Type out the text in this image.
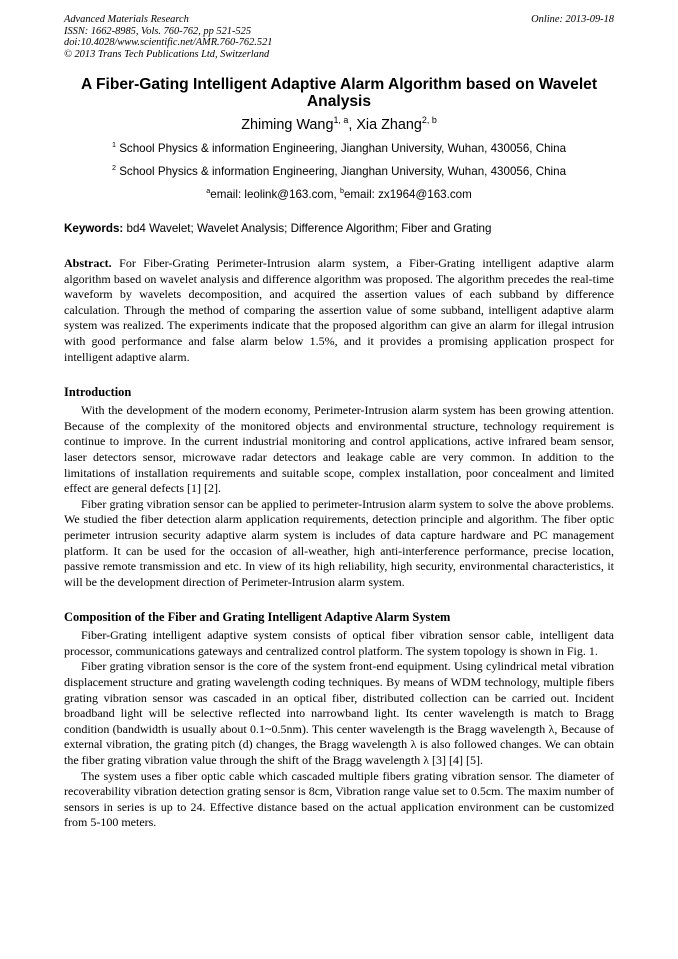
Advanced Materials Research
ISSN: 1662-8985, Vols. 760-762, pp 521-525
doi:10.4028/www.scientific.net/AMR.760-762.521
© 2013 Trans Tech Publications Ltd, Switzerland
Online: 2013-09-18
A Fiber-Gating Intelligent Adaptive Alarm Algorithm based on Wavelet Analysis
Zhiming Wang$^{1, a}$, Xia Zhang$^{2, b}$
$^1$ School Physics & information Engineering, Jianghan University, Wuhan, 430056, China
$^2$ School Physics & information Engineering, Jianghan University, Wuhan, 430056, China
$^a$email: leolink@163.com, $^b$email: zx1964@163.com
Keywords: bd4 Wavelet; Wavelet Analysis; Difference Algorithm; Fiber and Grating

Abstract. For Fiber-Grating Perimeter-Intrusion alarm system, a Fiber-Grating intelligent adaptive alarm algorithm based on wavelet analysis and difference algorithm was proposed. The algorithm precedes the real-time waveform by wavelets decomposition, and acquired the assertion values of each subband by difference calculation. Through the method of comparing the assertion value of some subband, intelligent adaptive alarm system was realized. The experiments indicate that the proposed algorithm can give an alarm for illegal intrusion with good performance and false alarm below 1.5%, and it provides a promising application prospect for intelligent adaptive alarm.

Introduction

With the development of the modern economy, Perimeter-Intrusion alarm system has been growing attention. Because of the complexity of the monitored objects and environmental structure, technology requirement is continue to improve. In the current industrial monitoring and control applications, active infrared beam sensor, laser detectors sensor, microwave radar detectors and leakage cable are very common. In addition to the limitations of installation requirements and suitable scope, complex installation, poor concealment and limited effect are general defects [1] [2].

Fiber grating vibration sensor can be applied to perimeter-Intrusion alarm system to solve the above problems. We studied the fiber detection alarm application requirements, detection principle and algorithm. The fiber optic perimeter intrusion security adaptive alarm system is includes of data capture hardware and PC management platform. It can be used for the occasion of all-weather, high anti-interference performance, precise location, passive remote transmission and etc. In view of its high reliability, high security, environmental characteristics, it will be the development direction of Perimeter-Intrusion alarm system.

Composition of the Fiber and Grating Intelligent Adaptive Alarm System

Fiber-Grating intelligent adaptive system consists of optical fiber vibration sensor cable, intelligent data processor, communications gateways and centralized control platform. The system topology is shown in Fig. 1.

Fiber grating vibration sensor is the core of the system front-end equipment. Using cylindrical metal vibration displacement structure and grating wavelength coding techniques. By means of WDM technology, multiple fibers grating vibration sensor was cascaded in an optical fiber, distributed collection can be carried out. Incident broadband light will be selective reflected into narrowband light. Its center wavelength is match to Bragg condition (bandwidth is usually about 0.1~0.5nm). This center wavelength is the Bragg wavelength λ, Because of external vibration, the grating pitch (d) changes, the Bragg wavelength λ is also followed changes. We can obtain the fiber grating vibration value through the shift of the Bragg wavelength λ [3] [4] [5].

The system uses a fiber optic cable which cascaded multiple fibers grating vibration sensor. The diameter of recoverability vibration detection grating sensor is 8cm, Vibration range value set to 0.5cm. The maxim number of sensors in series is up to 24. Effective distance based on the actual application environment can be customized from 5-100 meters.
